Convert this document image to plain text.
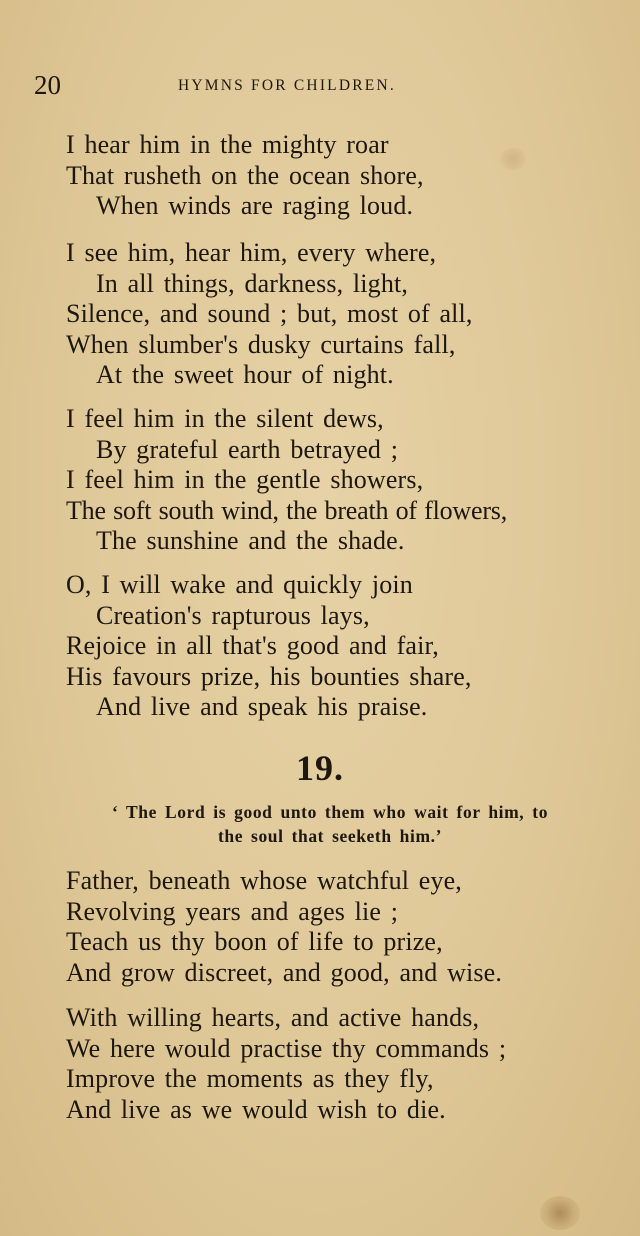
20	HYMNS FOR CHILDREN.
I hear him in the mighty roar
That rusheth on the ocean shore,
When winds are raging loud.
I see him, hear him, every where,
In all things, darkness, light,
Silence, and sound ; but, most of all,
When slumber's dusky curtains fall,
At the sweet hour of night.
I feel him in the silent dews,
By grateful earth betrayed ;
I feel him in the gentle showers,
The soft south wind, the breath of flowers,
The sunshine and the shade.
O, I will wake and quickly join
Creation's rapturous lays,
Rejoice in all that's good and fair,
His favours prize, his bounties share,
And live and speak his praise.
19.
‘ The Lord is good unto them who wait for him, to
the soul that seeketh him.’
Father, beneath whose watchful eye,
Revolving years and ages lie ;
Teach us thy boon of life to prize,
And grow discreet, and good, and wise.
With willing hearts, and active hands,
We here would practise thy commands ;
Improve the moments as they fly,
And live as we would wish to die.
